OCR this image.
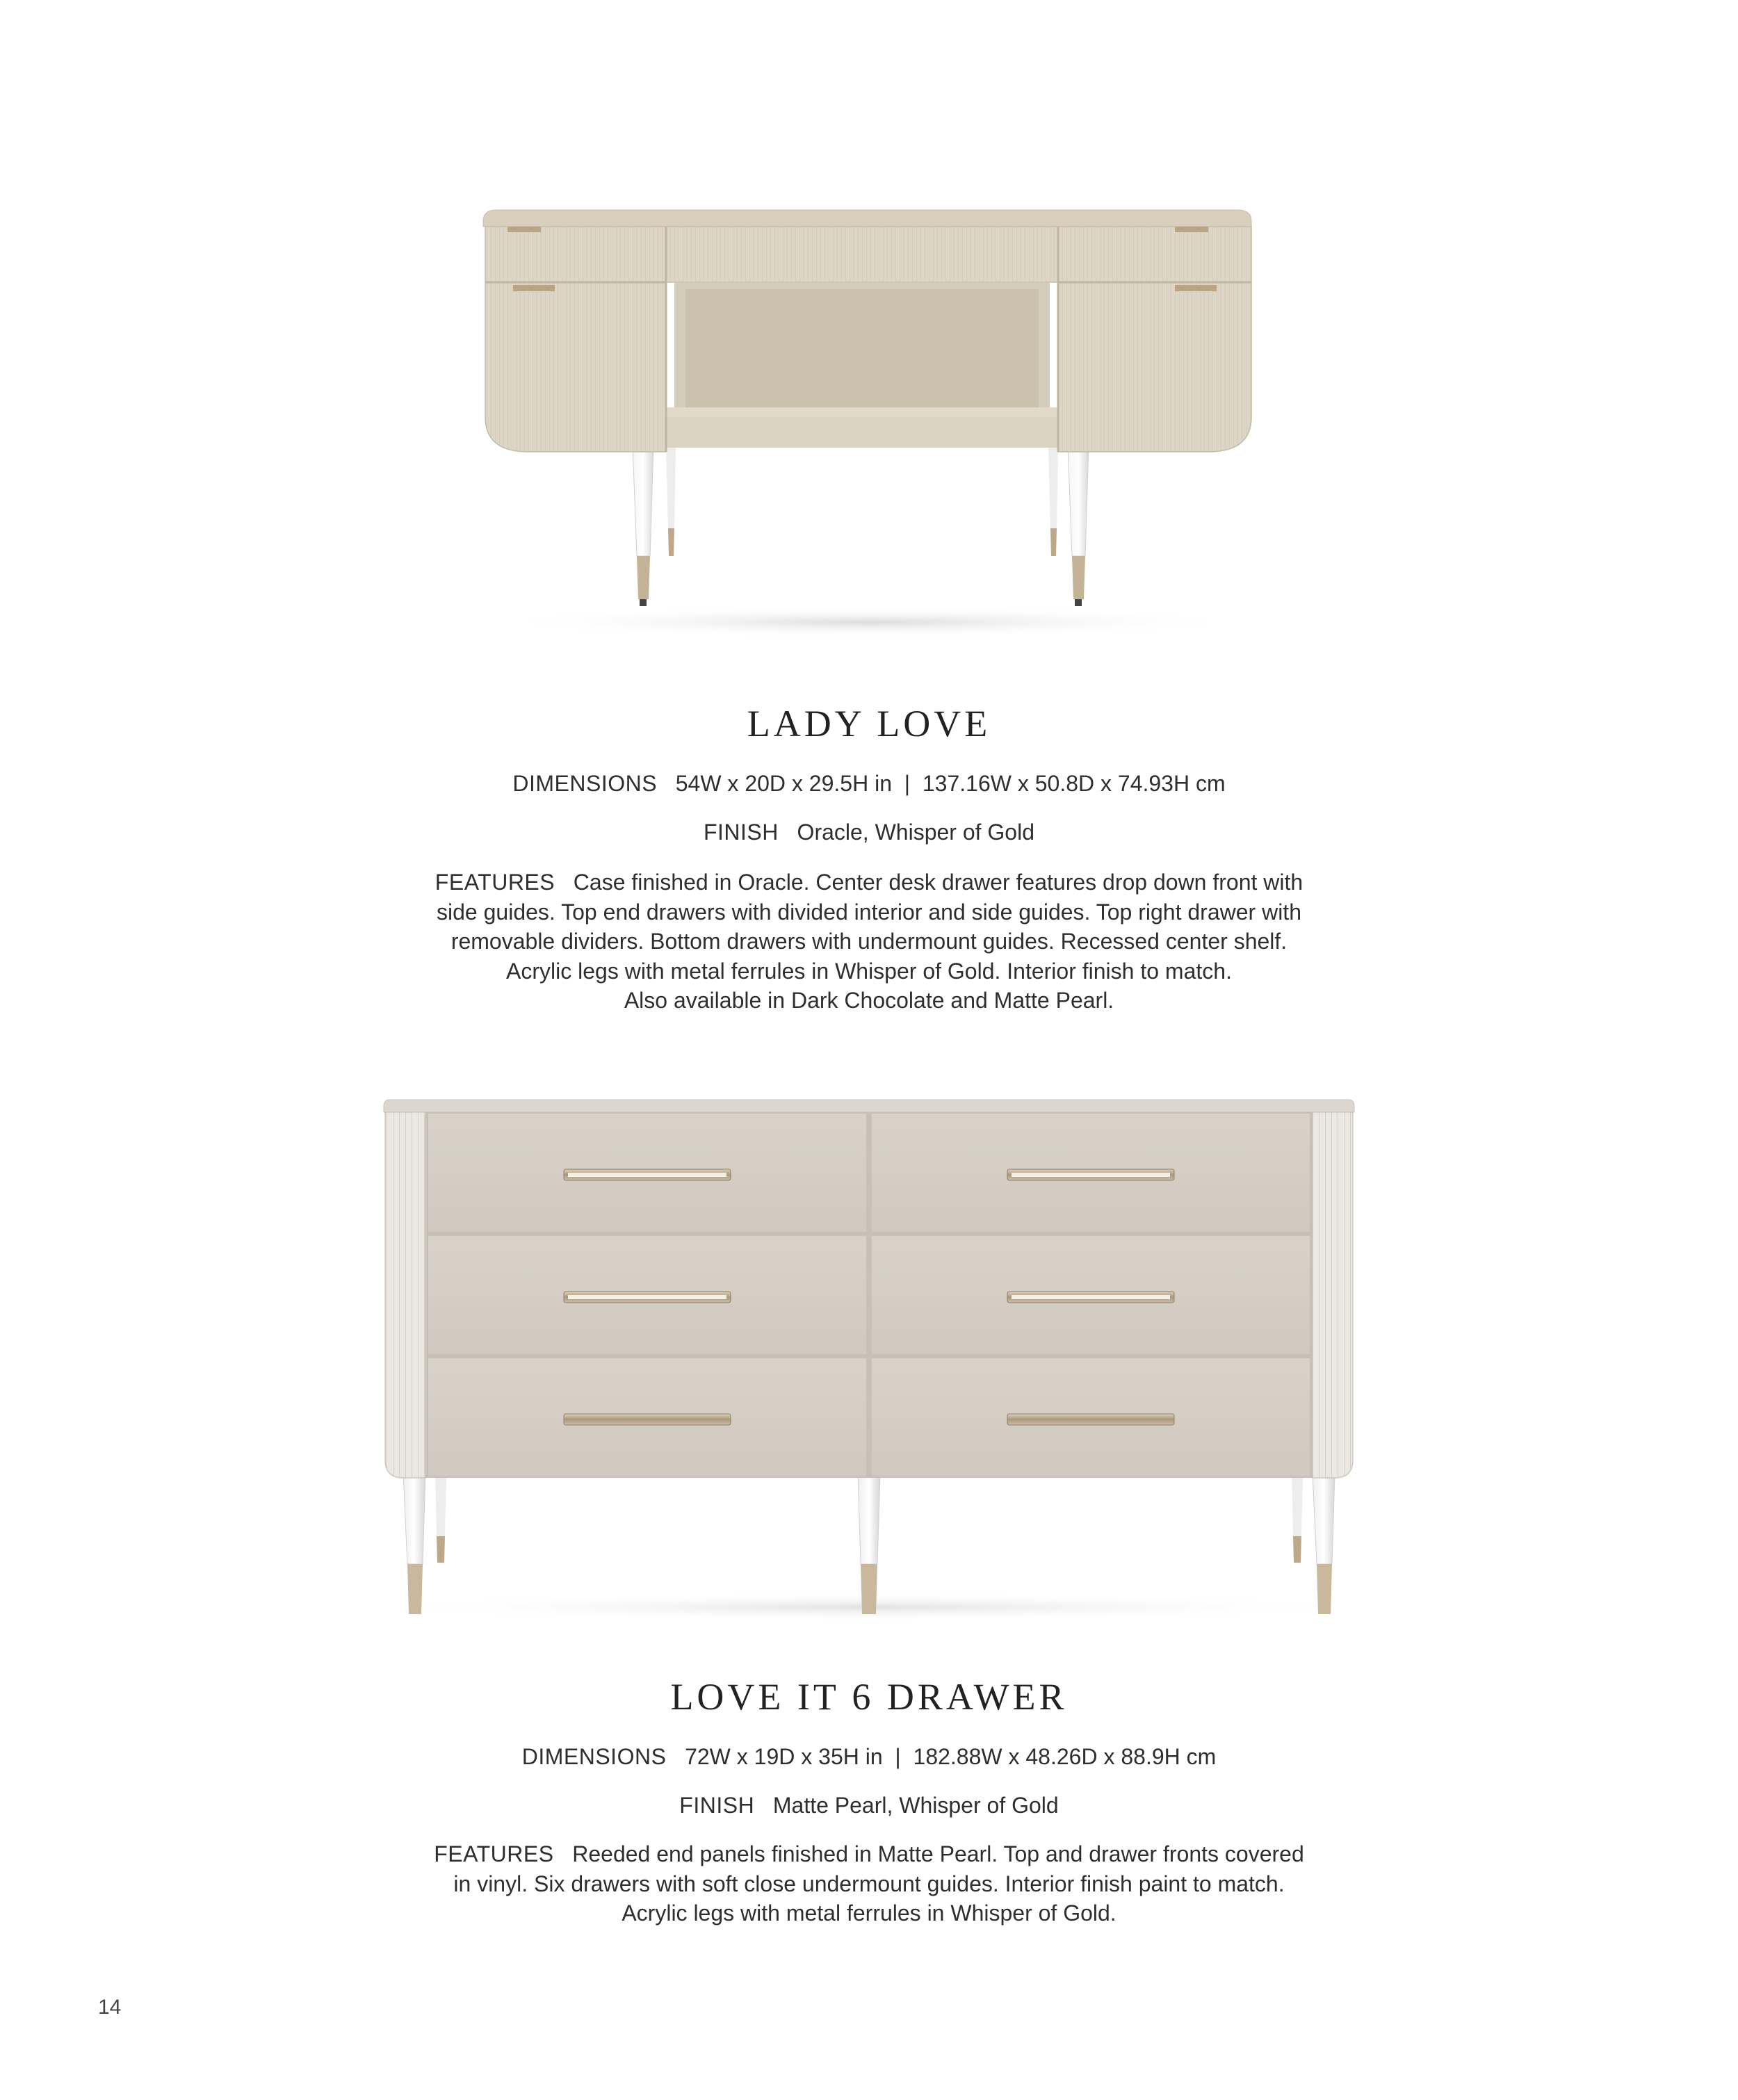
LADY LOVE
DIMENSIONS 54W x 20D x 29.5H in | 137.16W x 50.8D x 74.93H cm
FINISH Oracle, Whisper of Gold
FEATURES Case finished in Oracle. Center desk drawer features drop down front with
side guides. Top end drawers with divided interior and side guides. Top right drawer with
removable dividers. Bottom drawers with undermount guides. Recessed center shelf.
Acrylic legs with metal ferrules in Whisper of Gold. Interior finish to match.
Also available in Dark Chocolate and Matte Pearl.
LOVE IT 6 DRAWER
DIMENSIONS 72W x 19D x 35H in | 182.88W x 48.26D x 88.9H cm
FINISH Matte Pearl, Whisper of Gold
FEATURES Reeded end panels finished in Matte Pearl. Top and drawer fronts covered
in vinyl. Six drawers with soft close undermount guides. Interior finish paint to match.
Acrylic legs with metal ferrules in Whisper of Gold.
14
